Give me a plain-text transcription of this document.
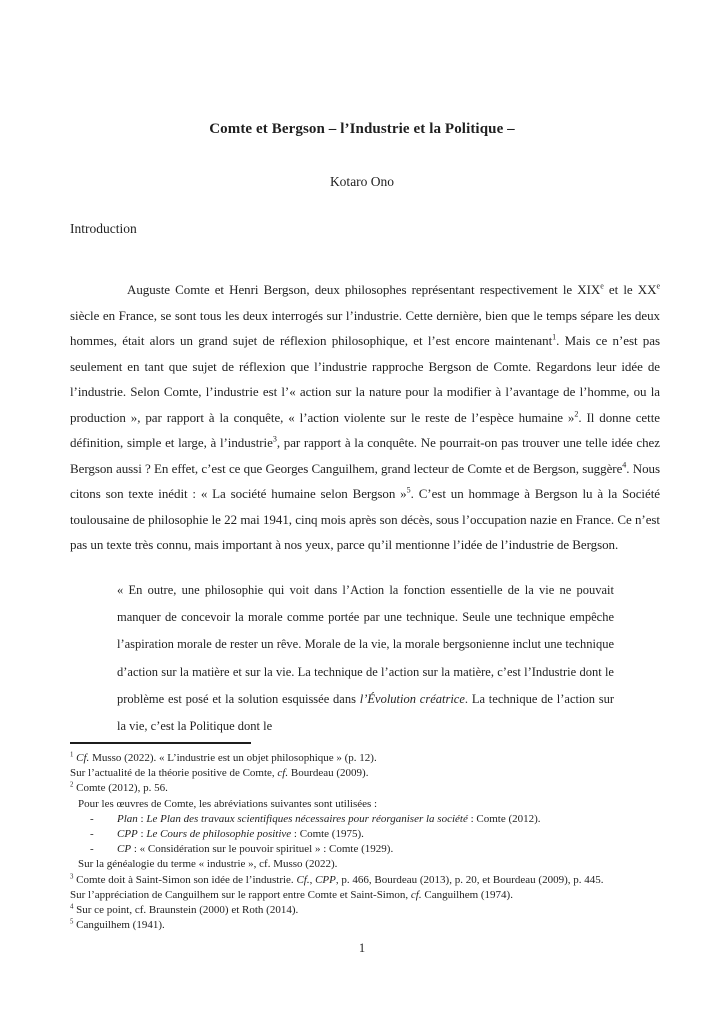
Comte et Bergson – l’Industrie et la Politique –
Kotaro Ono
Introduction

Auguste Comte et Henri Bergson, deux philosophes représentant respectivement le XIXe et le XXe siècle en France, se sont tous les deux interrogés sur l’industrie. Cette dernière, bien que le temps sépare les deux hommes, était alors un grand sujet de réflexion philosophique, et l’est encore maintenant$^1$. Mais ce n’est pas seulement en tant que sujet de réflexion que l’industrie rapproche Bergson de Comte. Regardons leur idée de l’industrie. Selon Comte, l’industrie est l’« action sur la nature pour la modifier à l’avantage de l’homme, ou la production », par rapport à la conquête, « l’action violente sur le reste de l’espèce humaine »$^2$. Il donne cette définition, simple et large, à l’industrie$^3$, par rapport à la conquête. Ne pourrait-on pas trouver une telle idée chez Bergson aussi ? En effet, c’est ce que Georges Canguilhem, grand lecteur de Comte et de Bergson, suggère$^4$. Nous citons son texte inédit : « La société humaine selon Bergson »$^5$. C’est un hommage à Bergson lu à la Société toulousaine de philosophie le 22 mai 1941, cinq mois après son décès, sous l’occupation nazie en France. Ce n’est pas un texte très connu, mais important à nos yeux, parce qu’il mentionne l’idée de l’industrie de Bergson.

« En outre, une philosophie qui voit dans l’Action la fonction essentielle de la vie ne pouvait manquer de concevoir la morale comme portée par une technique. Seule une technique empêche l’aspiration morale de rester un rêve. Morale de la vie, la morale bergsonienne inclut une technique d’action sur la matière et sur la vie. La technique de l’action sur la matière, c’est l’Industrie dont le problème est posé et la solution esquissée dans l’Évolution créatrice. La technique de l’action sur la vie, c’est la Politique dont le
$^1$ Cf. Musso (2022). « L’industrie est un objet philosophique » (p. 12).
Sur l’actualité de la théorie positive de Comte, cf. Bourdeau (2009).
$^2$ Comte (2012), p. 56.
Pour les œuvres de Comte, les abréviations suivantes sont utilisées :
- Plan : Le Plan des travaux scientifiques nécessaires pour réorganiser la société : Comte (2012).
- CPP : Le Cours de philosophie positive : Comte (1975).
- CP : « Considération sur le pouvoir spirituel » : Comte (1929).
Sur la généalogie du terme « industrie », cf. Musso (2022).
$^3$ Comte doit à Saint-Simon son idée de l’industrie. Cf., CPP, p. 466, Bourdeau (2013), p. 20, et Bourdeau (2009), p. 445.
Sur l’appréciation de Canguilhem sur le rapport entre Comte et Saint-Simon, cf. Canguilhem (1974).
$^4$ Sur ce point, cf. Braunstein (2000) et Roth (2014).
$^5$ Canguilhem (1941).
1
